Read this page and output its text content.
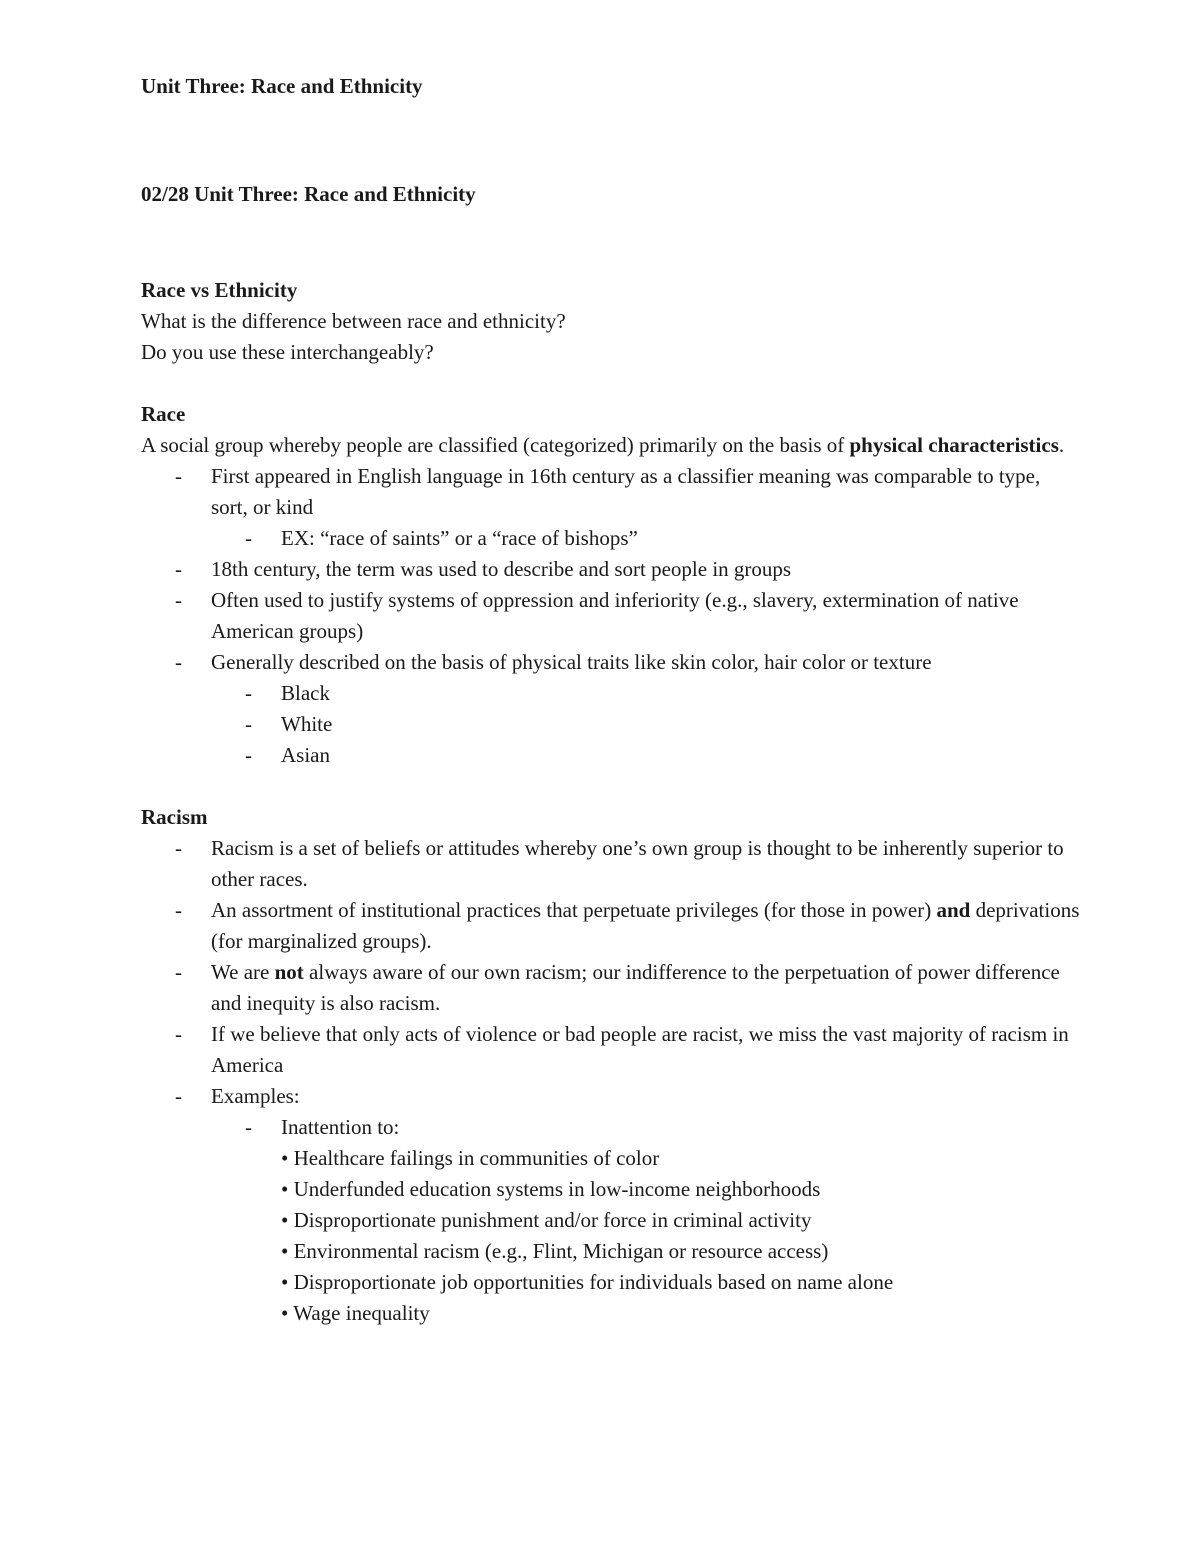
Unit Three: Race and Ethnicity

02/28 Unit Three: Race and Ethnicity

Race vs Ethnicity

What is the difference between race and ethnicity?

Do you use these interchangeably?

Race

A social group whereby people are classified (categorized) primarily on the basis of physical characteristics.

- First appeared in English language in 16th century as a classifier meaning was comparable to type, sort, or kind
- EX: “race of saints” or a “race of bishops”
- 18th century, the term was used to describe and sort people in groups
- Often used to justify systems of oppression and inferiority (e.g., slavery, extermination of native American groups)
- Generally described on the basis of physical traits like skin color, hair color or texture
- Black
- White
- Asian

Racism

- Racism is a set of beliefs or attitudes whereby one’s own group is thought to be inherently superior to other races.
- An assortment of institutional practices that perpetuate privileges (for those in power) and deprivations (for marginalized groups).
- We are not always aware of our own racism; our indifference to the perpetuation of power difference and inequity is also racism.
- If we believe that only acts of violence or bad people are racist, we miss the vast majority of racism in America
- Examples:
- Inattention to:
• Healthcare failings in communities of color
• Underfunded education systems in low-income neighborhoods
• Disproportionate punishment and/or force in criminal activity
• Environmental racism (e.g., Flint, Michigan or resource access)
• Disproportionate job opportunities for individuals based on name alone
• Wage inequality
